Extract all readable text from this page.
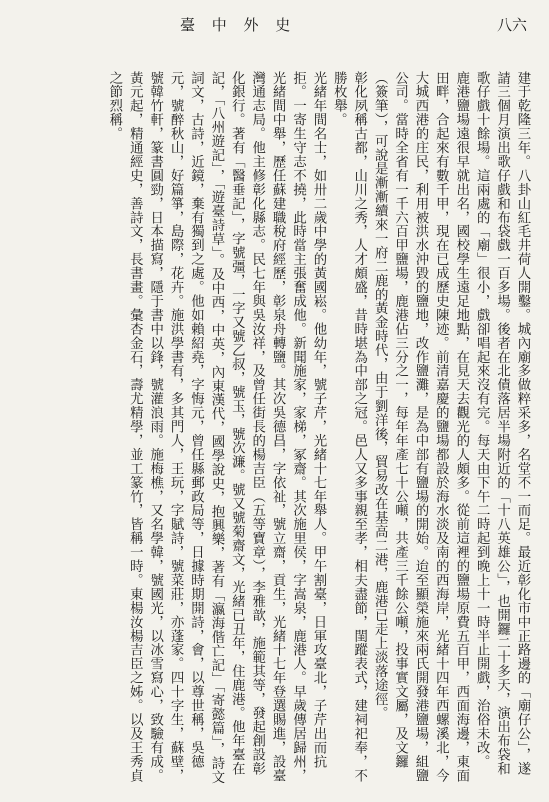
臺 中 外 史	八六

建于乾隆三年。八卦山紅毛井荷人開鑿。城內廟多做粹采多，名堂不一而足。最近彰化市中正路邊的「廟仔公」，遂請三個月演出歌仔戲和布袋戲一百多場。後者在北債落居半場附近的「十八英雄公」，也開鑼二十多天，演出布袋和歌仔戲十餘場。這兩處的「廟」很小，戲卻唱起來沒有完。每天由下午二時起到晚上十一時半止開戲，治俗未改。

鹿港鹽場遠很早就出名，國校學生遠足地點，在見天去觀光的人頗多。從前這裡的鹽場原費五百甲，西面海邊，東面田畔，合起來有數千甲，現在已成歷史陳迹。前清嘉慶的鹽場都設於海水淡及南的西海岸，光緒十四年西螺溪北，今大城西港的庄民，利用被洪水沖毀的鹽地，改作鹽灘，是為中部有鹽場的開始。迨至顯榮施來兩氏開發港鹽場，組鹽公司。當時全省有一千六百甲鹽場，鹿港佔三分之一，每年年產七十公噸，共產三千餘公噸，投事實文屬，及文鑼（簽筆），可說是漸漸續來一府二鹿的黃金時代，由于劉洋後，貿易改在基高二港，鹿港已走上淡落途徑。

彰化夙稱古都，山川之秀，人才頗盛，昔時堪為中部之冠。邑人又多事親至孝，相夫盡節，閨蹤表式，建祠祀奉，不勝枚舉。

光緒年間名士，如卅二歲中學的黃國崧。他幼年，號子芹，光緒十七年舉人。甲午割臺，日軍攻臺北，子芹出而抗拒。一寄生守志不撓，此時當主張奮成他。新聞施家，家梯，冢齋。其次施里侯，字嵩泉，鹿港人。早歲傳居歸州，光緒間中舉，歷任蘇建職稅府經歷，彰泉舟轉鹽。其次吳德昌，字依祉，號立齋，貢生，光緒十七年登選賜進，設臺灣通志局。他主修彰化縣志。民七年與吳汝祥，及曾任街長的楊吉臣（五等寶章），李雅歆，施範其等，發起創設彰化銀行。著有「醫垂記」，字號彊，一字又號乙叔，號玉，號次濂。號又號菊齋文，光緒已丑年，住鹿港。他年臺在記，「八州遊記」，「遊臺詩草」。及中西，中英，內東漢代，國學說史，抱興樂，著有「瀛海偕亡記」「寄懿篇」，詩文詞文，古詩，近鏡，棄有獨到之處。他如賴紹堯，字悔元，曾任縣郵政局等，日據時期開詩，會，以尊世稱，吳德元，號醉秋山，好篇箏，島際，花卉。施洪學書有，多其門人，王玩，字賦詩，號菜莊，亦蓬家。四十字生，蘇壁，號韓竹軒，篆書圓勁，日本描寫，隱于書中以鋒，號灌浪雨。施梅樵，又名學韓，號國光，以冰雪寫心，致驗有成。

黃元起，精通經史，善詩文，長書畫。彙杏金石，壽尤精學，並工篆竹，皆稱一時。東楊汝楊吉臣之姊。以及王秀貞之節烈稱。
